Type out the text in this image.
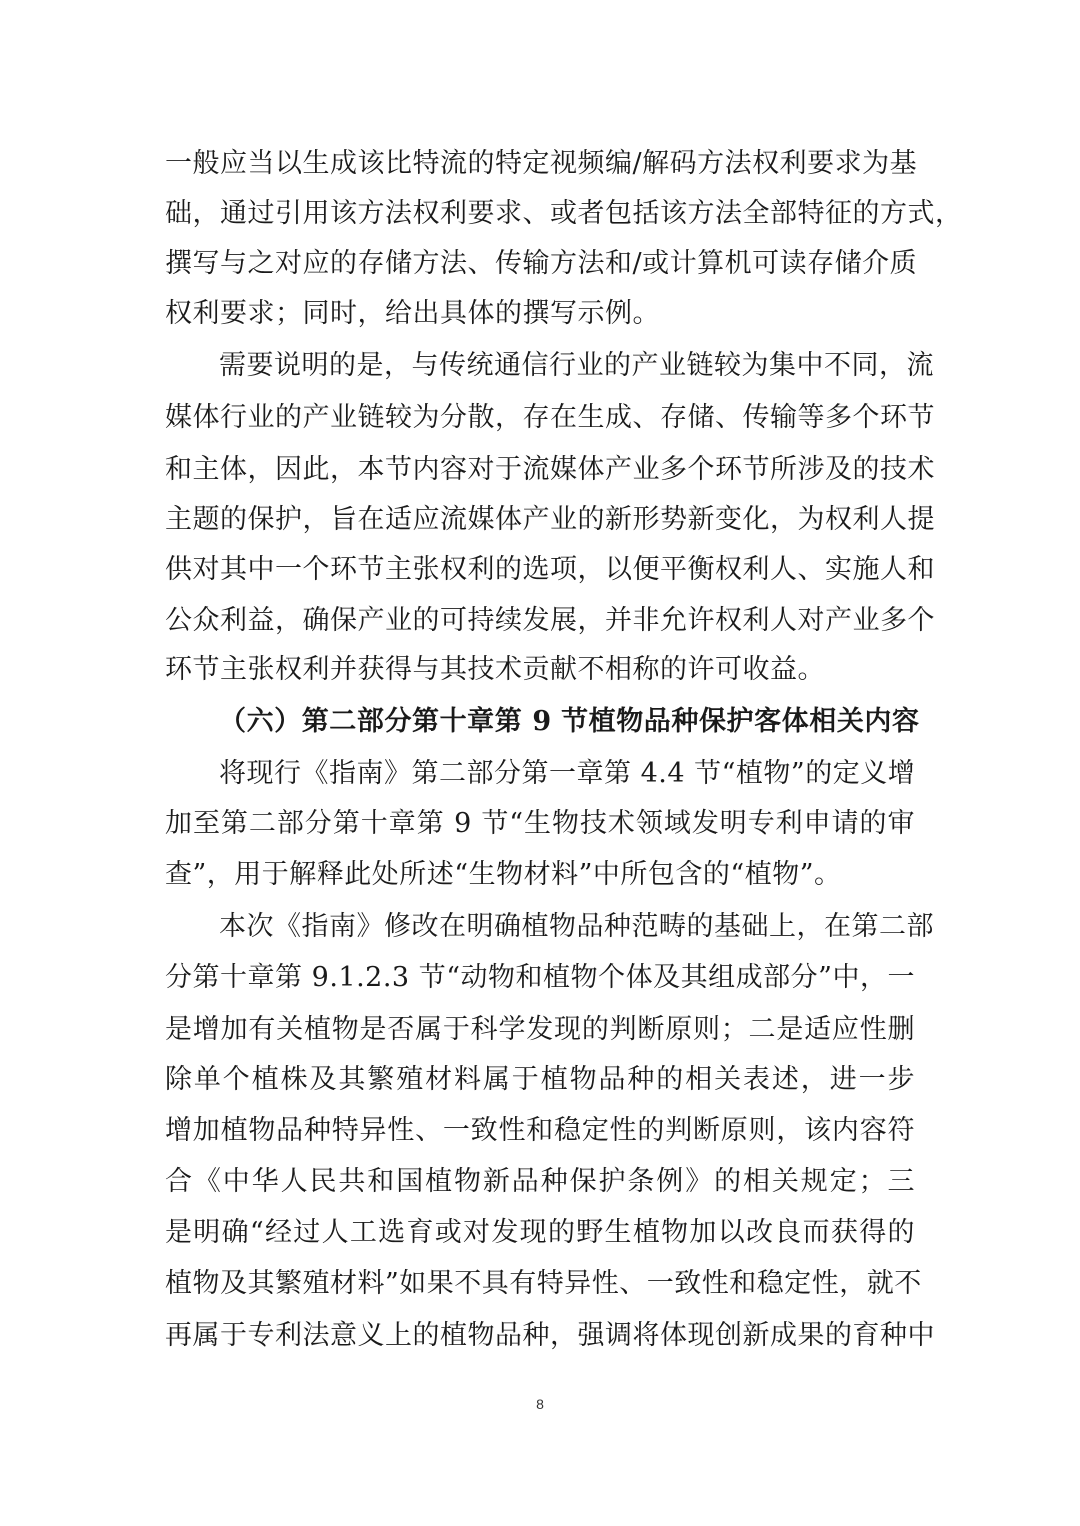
一般应当以生成该比特流的特定视频编/解码方法权利要求为基
础，通过引用该方法权利要求、或者包括该方法全部特征的方式，
撰写与之对应的存储方法、传输方法和/或计算机可读存储介质
权利要求；同时，给出具体的撰写示例。
需要说明的是，与传统通信行业的产业链较为集中不同，流
媒体行业的产业链较为分散，存在生成、存储、传输等多个环节
和主体，因此，本节内容对于流媒体产业多个环节所涉及的技术
主题的保护，旨在适应流媒体产业的新形势新变化，为权利人提
供对其中一个环节主张权利的选项，以便平衡权利人、实施人和
公众利益，确保产业的可持续发展，并非允许权利人对产业多个
环节主张权利并获得与其技术贡献不相称的许可收益。
（六）第二部分第十章第 9 节植物品种保护客体相关内容
将现行《指南》第二部分第一章第 4.4 节“植物”的定义增
加至第二部分第十章第 9 节“生物技术领域发明专利申请的审
查”，用于解释此处所述“生物材料”中所包含的“植物”。
本次《指南》修改在明确植物品种范畴的基础上，在第二部
分第十章第 9.1.2.3 节“动物和植物个体及其组成部分”中，一
是增加有关植物是否属于科学发现的判断原则；二是适应性删
除单个植株及其繁殖材料属于植物品种的相关表述，进一步
增加植物品种特异性、一致性和稳定性的判断原则，该内容符
合《中华人民共和国植物新品种保护条例》的相关规定；三
是明确“经过人工选育或对发现的野生植物加以改良而获得的
植物及其繁殖材料”如果不具有特异性、一致性和稳定性，就不
再属于专利法意义上的植物品种，强调将体现创新成果的育种中
8
